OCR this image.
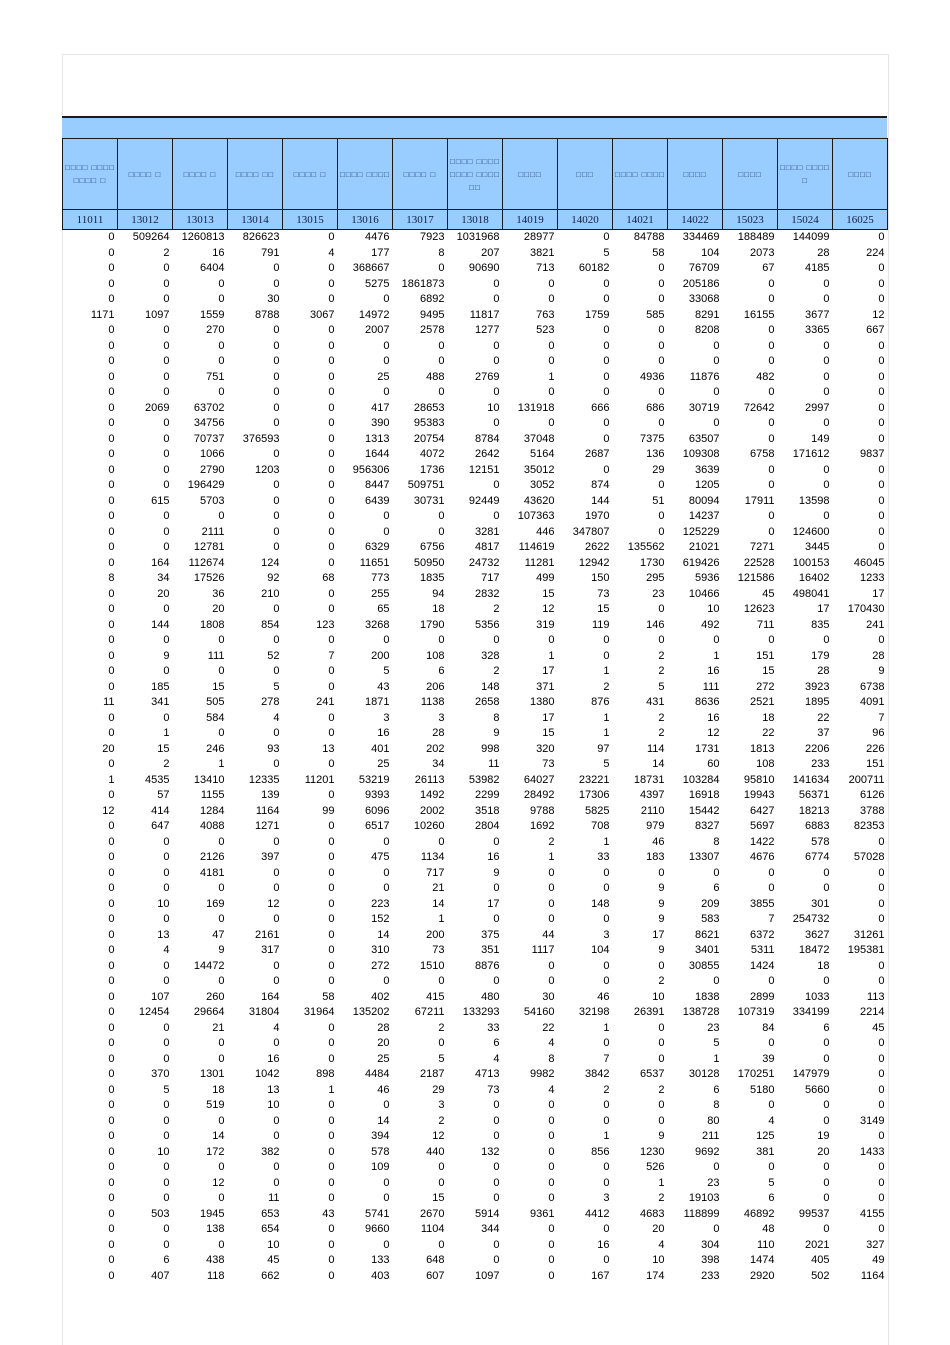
□□□□ □□□□ □□□□ □	□□□□ □	□□□□ □	□□□□ □□	□□□□ □	□□□□ □□□□	□□□□ □	□□□□ □□□□ □□□□ □□□□ □□	□□□□	□□□	□□□□ □□□□	□□□□	□□□□	□□□□ □□□□ □	□□□□
11011	13012	13013	13014	13015	13016	13017	13018	14019	14020	14021	14022	15023	15024	16025
0	509264	1260813	826623	0	4476	7923	1031968	28977	0	84788	334469	188489	144099	0
0	2	16	791	4	177	8	207	3821	5	58	104	2073	28	224
0	0	6404	0	0	368667	0	90690	713	60182	0	76709	67	4185	0
0	0	0	0	0	5275	1861873	0	0	0	0	205186	0	0	0
0	0	0	30	0	0	6892	0	0	0	0	33068	0	0	0
1171	1097	1559	8788	3067	14972	9495	11817	763	1759	585	8291	16155	3677	12
0	0	270	0	0	2007	2578	1277	523	0	0	8208	0	3365	667
0	0	0	0	0	0	0	0	0	0	0	0	0	0	0
0	0	0	0	0	0	0	0	0	0	0	0	0	0	0
0	0	751	0	0	25	488	2769	1	0	4936	11876	482	0	0
0	0	0	0	0	0	0	0	0	0	0	0	0	0	0
0	2069	63702	0	0	417	28653	10	131918	666	686	30719	72642	2997	0
0	0	34756	0	0	390	95383	0	0	0	0	0	0	0	0
0	0	70737	376593	0	1313	20754	8784	37048	0	7375	63507	0	149	0
0	0	1066	0	0	1644	4072	2642	5164	2687	136	109308	6758	171612	9837
0	0	2790	1203	0	956306	1736	12151	35012	0	29	3639	0	0	0
0	0	196429	0	0	8447	509751	0	3052	874	0	1205	0	0	0
0	615	5703	0	0	6439	30731	92449	43620	144	51	80094	17911	13598	0
0	0	0	0	0	0	0	0	107363	1970	0	14237	0	0	0
0	0	2111	0	0	0	0	3281	446	347807	0	125229	0	124600	0
0	0	12781	0	0	6329	6756	4817	114619	2622	135562	21021	7271	3445	0
0	164	112674	124	0	11651	50950	24732	11281	12942	1730	619426	22528	100153	46045
8	34	17526	92	68	773	1835	717	499	150	295	5936	121586	16402	1233
0	20	36	210	0	255	94	2832	15	73	23	10466	45	498041	17
0	0	20	0	0	65	18	2	12	15	0	10	12623	17	170430
0	144	1808	854	123	3268	1790	5356	319	119	146	492	711	835	241
0	0	0	0	0	0	0	0	0	0	0	0	0	0	0
0	9	111	52	7	200	108	328	1	0	2	1	151	179	28
0	0	0	0	0	5	6	2	17	1	2	16	15	28	9
0	185	15	5	0	43	206	148	371	2	5	111	272	3923	6738
11	341	505	278	241	1871	1138	2658	1380	876	431	8636	2521	1895	4091
0	0	584	4	0	3	3	8	17	1	2	16	18	22	7
0	1	0	0	0	16	28	9	15	1	2	12	22	37	96
20	15	246	93	13	401	202	998	320	97	114	1731	1813	2206	226
0	2	1	0	0	25	34	11	73	5	14	60	108	233	151
1	4535	13410	12335	11201	53219	26113	53982	64027	23221	18731	103284	95810	141634	200711
0	57	1155	139	0	9393	1492	2299	28492	17306	4397	16918	19943	56371	6126
12	414	1284	1164	99	6096	2002	3518	9788	5825	2110	15442	6427	18213	3788
0	647	4088	1271	0	6517	10260	2804	1692	708	979	8327	5697	6883	82353
0	0	0	0	0	0	0	0	2	1	46	8	1422	578	0
0	0	2126	397	0	475	1134	16	1	33	183	13307	4676	6774	57028
0	0	4181	0	0	0	717	9	0	0	0	0	0	0	0
0	0	0	0	0	0	21	0	0	0	9	6	0	0	0
0	10	169	12	0	223	14	17	0	148	9	209	3855	301	0
0	0	0	0	0	152	1	0	0	0	9	583	7	254732	0
0	13	47	2161	0	14	200	375	44	3	17	8621	6372	3627	31261
0	4	9	317	0	310	73	351	1117	104	9	3401	5311	18472	195381
0	0	14472	0	0	272	1510	8876	0	0	0	30855	1424	18	0
0	0	0	0	0	0	0	0	0	0	2	0	0	0	0
0	107	260	164	58	402	415	480	30	46	10	1838	2899	1033	113
0	12454	29664	31804	31964	135202	67211	133293	54160	32198	26391	138728	107319	334199	2214
0	0	21	4	0	28	2	33	22	1	0	23	84	6	45
0	0	0	0	0	20	0	6	4	0	0	5	0	0	0
0	0	0	16	0	25	5	4	8	7	0	1	39	0	0
0	370	1301	1042	898	4484	2187	4713	9982	3842	6537	30128	170251	147979	0
0	5	18	13	1	46	29	73	4	2	2	6	5180	5660	0
0	0	519	10	0	0	3	0	0	0	0	8	0	0	0
0	0	0	0	0	14	2	0	0	0	0	80	4	0	3149
0	0	14	0	0	394	12	0	0	1	9	211	125	19	0
0	10	172	382	0	578	440	132	0	856	1230	9692	381	20	1433
0	0	0	0	0	109	0	0	0	0	526	0	0	0	0
0	0	12	0	0	0	0	0	0	0	1	23	5	0	0
0	0	0	11	0	0	15	0	0	3	2	19103	6	0	0
0	503	1945	653	43	5741	2670	5914	9361	4412	4683	118899	46892	99537	4155
0	0	138	654	0	9660	1104	344	0	0	20	0	48	0	0
0	0	0	10	0	0	0	0	0	16	4	304	110	2021	327
0	6	438	45	0	133	648	0	0	0	10	398	1474	405	49
0	407	118	662	0	403	607	1097	0	167	174	233	2920	502	1164
